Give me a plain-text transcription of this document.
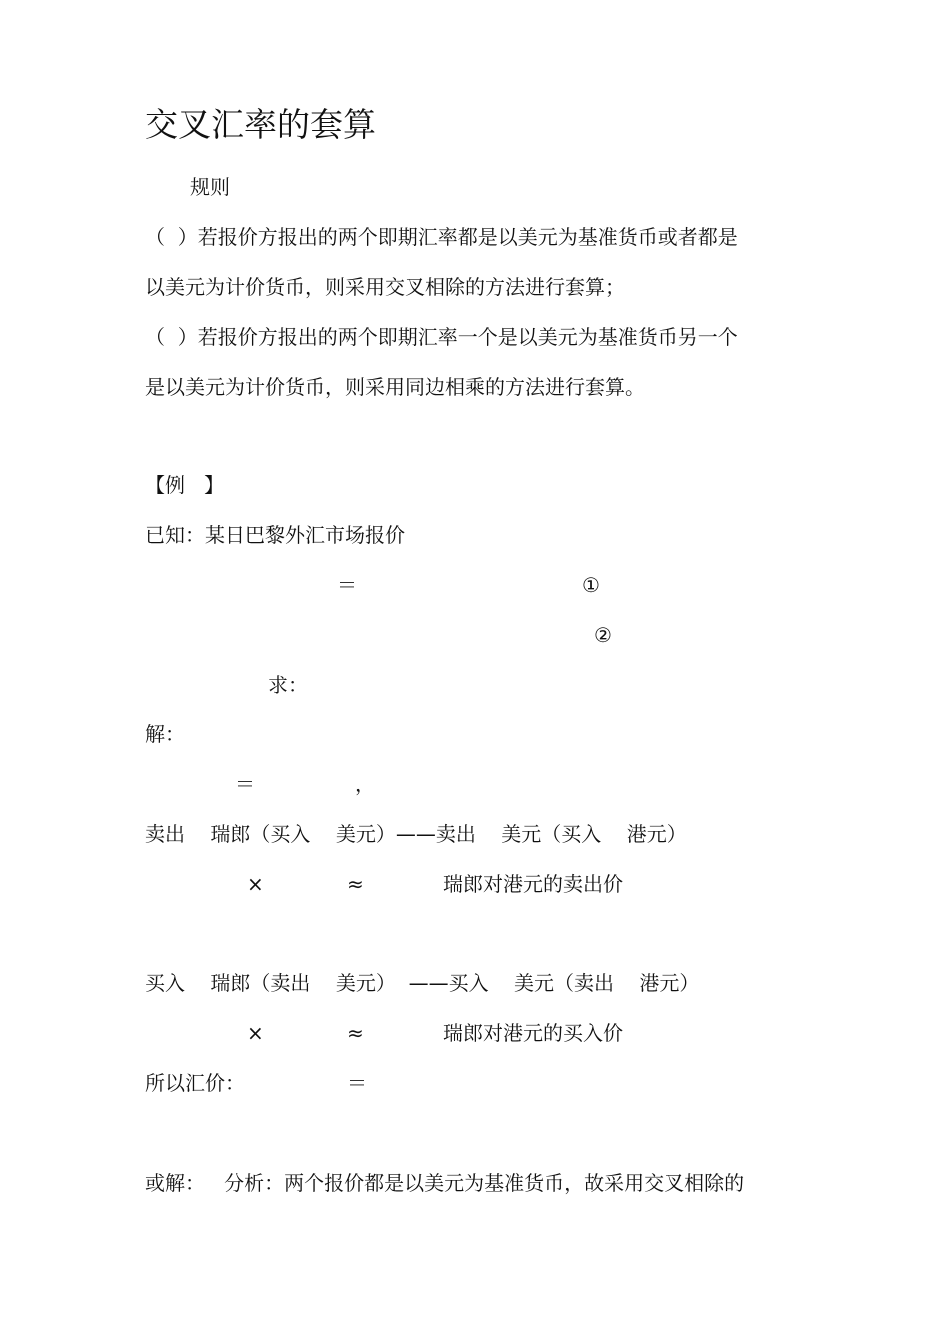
交叉汇率的套算
规则
（  ）若报价方报出的两个即期汇率都是以美元为基准货币或者都是
以美元为计价货币，则采用交叉相除的方法进行套算；
（  ）若报价方报出的两个即期汇率一个是以美元为基准货币另一个
是以美元为计价货币，则采用同边相乘的方法进行套算。
【例   】
已知：某日巴黎外汇市场报价
＝	①
②
求：
解：
＝	，
卖出    瑞郎（买入    美元）——卖出    美元（买入    港元）
×	≈	瑞郎对港元的卖出价
买入    瑞郎（卖出    美元）  ——买入    美元（卖出    港元）
×	≈	瑞郎对港元的买入价
所以汇价：	＝
或解：   分析：两个报价都是以美元为基准货币，故采用交叉相除的
